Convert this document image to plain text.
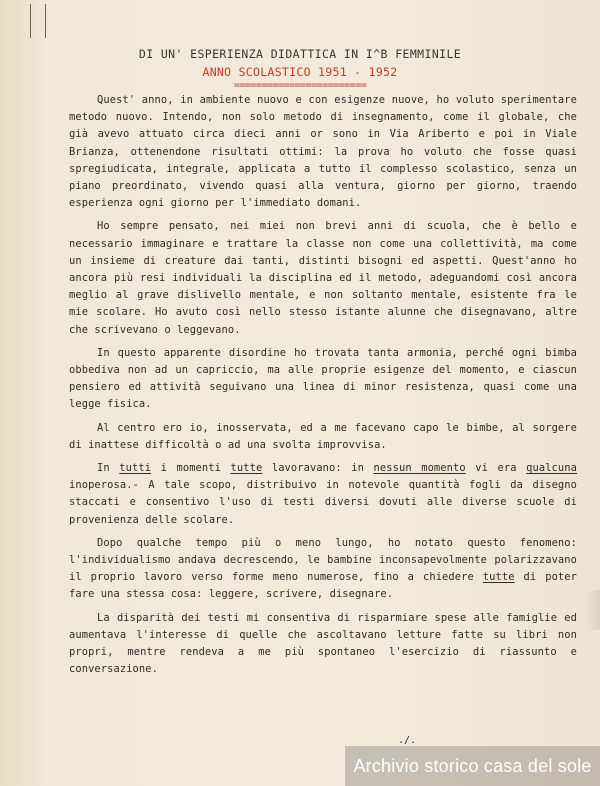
DI UN' ESPERIENZA DIDATTICA IN I^B FEMMINILE
ANNO SCOLASTICO 1951 - 1952
========================

Quest' anno, in ambiente nuovo e con esigenze nuove, ho voluto sperimentare metodo nuovo. Intendo, non solo metodo di insegnamento, come il globale, che già avevo attuato circa dieci anni or sono in Via Ariberto e poi in Viale Brianza, ottenendone risultati ottimi: la prova ho voluto che fosse quasi spregiudicata, integrale, applicata a tutto il complesso scolastico, senza un piano preordinato, vivendo quasi alla ventura, giorno per giorno, traendo esperienza ogni giorno per l'immediato domani.

Ho sempre pensato, nei miei non brevi anni di scuola, che è bello e necessario immaginare e trattare la classe non come una collettività, ma come un insieme di creature dai tanti, distinti bisogni ed aspetti. Quest'anno ho ancora più resi individuali la disciplina ed il metodo, adeguandomi così ancora meglio al grave dislivello mentale, e non soltanto mentale, esistente fra le mie scolare. Ho avuto così nello stesso istante alunne che disegnavano, altre che scrivevano o leggevano.

In questo apparente disordine ho trovata tanta armonia, perché ogni bimba obbediva non ad un capriccio, ma alle proprie esigenze del momento, e ciascun pensiero ed attività seguivano una linea di minor resistenza, quasi come una legge fisica.

Al centro ero io, inosservata, ed a me facevano capo le bimbe, al sorgere di inattese difficoltà o ad una svolta improvvisa.

In tutti i momenti tutte lavoravano: in nessun momento vi era qualcuna inoperosa.- A tale scopo, distribuivo in notevole quantità fogli da disegno staccati e consentivo l'uso di testi diversi dovuti alle diverse scuole di provenienza delle scolare.

Dopo qualche tempo più o meno lungo, ho notato questo fenomeno: l'individualismo andava decrescendo, le bambine inconsapevolmente polarizzavano il proprio lavoro verso forme meno numerose, fino a chiedere tutte di poter fare una stessa cosa: leggere, scrivere, disegnare.

La disparità dei testi mi consentiva di risparmiare spese alle famiglie ed aumentava l'interesse di quelle che ascoltavano letture fatte su libri non propri, mentre rendeva a me più spontaneo l'esercizio di riassunto e conversazione.

./.
Archivio storico casa del sole
